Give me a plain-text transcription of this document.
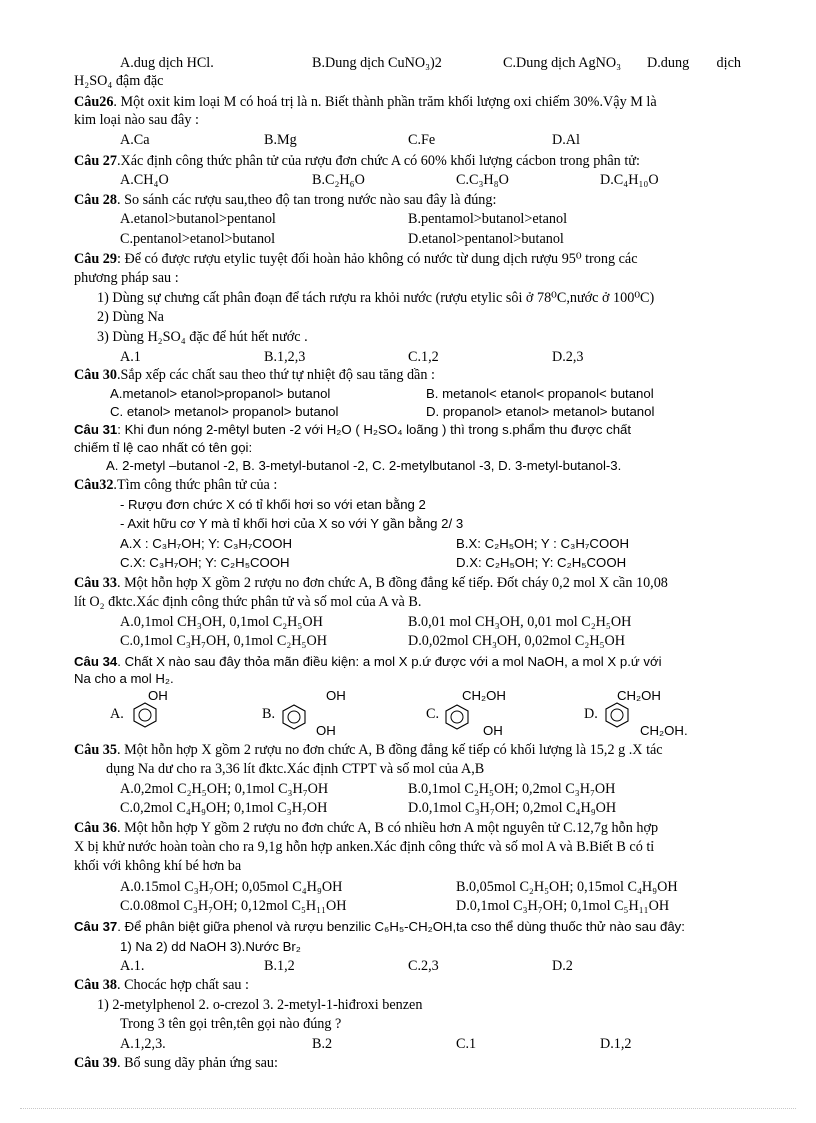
A.dug dịch HCl.	B.Dung dịch CuNO₃)2	C.Dung dịch AgNO₃ D.dung dịch
H₂SO₄ đậm đặc
Câu26. Một oxit kim loại M có hoá trị là n. Biết thành phần trăm khối lượng oxi chiếm 30%.Vậy M là
kim loại nào sau đây :
A.Ca	B.Mg	C.Fe	D.Al
Câu 27.Xác định công thức phân tử của rượu đơn chức A có 60% khối lượng cácbon trong phân tử:
A.CH₄O	B.C₂H₆O	C.C₃H₈O	D.C₄H₁₀O
Câu 28. So sánh các rượu sau,theo độ tan trong nước nào sau đây là đúng:
A.etanol>butanol>pentanol	B.pentamol>butanol>etanol
C.pentanol>etanol>butanol	D.etanol>pentanol>butanol
Câu 29: Để có được rượu etylic tuyệt đối hoàn hảo không có nước từ dung dịch rượu 95⁰ trong các
phương pháp sau :
1) Dùng sự chưng cất phân đoạn để tách rượu ra khỏi nước (rượu etylic sôi ở 78⁰C,nước ở 100⁰C)
2) Dùng Na
3) Dùng H₂SO₄ đặc để hút hết nước .
A.1	B.1,2,3	C.1,2	D.2,3
Câu 30.Sắp xếp các chất sau theo thứ tự nhiệt độ sau tăng dần :
A.metanol> etanol>propanol> butanol	B. metanol< etanol< propanol< butanol
C. etanol> metanol> propanol> butanol	D. propanol> etanol> metanol> butanol
Câu 31: Khi đun nóng 2-mêtyl buten -2 với H₂O ( H₂SO₄ loãng ) thì trong s.phẩm thu được chất
chiếm tỉ lệ cao nhất có tên gọi:
A. 2-metyl –butanol -2, B. 3-metyl-butanol -2, C. 2-metylbutanol -3, D. 3-metyl-butanol-3.
Câu32.Tìm công thức phân tử của :
- Rượu đơn chức X có tỉ khối hơi so với etan bằng 2
- Axit hữu cơ Y mà tỉ khối hơi của X so với Y gần bằng 2/ 3
A.X : C₃H₇OH; Y: C₃H₇COOH	B.X: C₂H₅OH; Y : C₃H₇COOH
C.X: C₃H₇OH; Y: C₂H₅COOH	D.X: C₂H₅OH; Y: C₂H₅COOH
Câu 33. Một hỗn hợp X gồm 2 rượu no đơn chức A, B đồng đẳng kế tiếp. Đốt cháy 0,2 mol X cần 10,08
lít O₂ đktc.Xác định công thức phân tử và số mol của A và B.
A.0,1mol CH₃OH, 0,1mol C₂H₅OH	B.0,01 mol CH₃OH, 0,01 mol C₂H₅OH
C.0,1mol C₃H₇OH, 0,1mol C₂H₅OH	D.0,02mol CH₃OH, 0,02mol C₂H₅OH
Câu 34. Chất X nào sau đây thỏa mãn điều kiện: a mol X p.ứ được với a mol NaOH, a mol X p.ứ với
Na cho a mol H₂.
A.
OH
B.
OH
OH
C.
CH₂OH
OH
D.
CH₂OH
CH₂OH.
Câu 35. Một hỗn hợp X gồm 2 rượu no đơn chức A, B đồng đẳng kế tiếp có khối lượng là 15,2 g .X tác
dụng Na dư cho ra 3,36 lít đktc.Xác định CTPT và số mol của A,B
A.0,2mol C₂H₅OH; 0,1mol C₃H₇OH	B.0,1mol C₂H₅OH; 0,2mol C₃H₇OH
C.0,2mol C₄H₉OH; 0,1mol C₃H₇OH	D.0,1mol C₃H₇OH; 0,2mol C₄H₉OH
Câu 36. Một hỗn hợp Y gồm 2 rượu no đơn chức A, B có nhiều hơn A một nguyên tử C.12,7g hỗn hợp
X bị khử nước hoàn toàn cho ra 9,1g hỗn hợp anken.Xác định công thức và số mol A và B.Biết B có tỉ
khối với không khí bé hơn ba
A.0.15mol C₃H₇OH; 0,05mol C₄H₉OH	B.0,05mol C₂H₅OH; 0,15mol C₄H₉OH
C.0.08mol C₃H₇OH; 0,12mol C₅H₁₁OH	D.0,1mol C₃H₇OH; 0,1mol C₅H₁₁OH
Câu 37. Để phân biệt giữa phenol và rượu benzilic C₆H₅-CH₂OH,ta cso thể dùng thuốc thử nào sau đây:
1) Na 2) dd NaOH 3).Nước Br₂
A.1.	B.1,2	C.2,3	D.2
Câu 38. Chocác hợp chất sau :
1) 2-metylphenol 2. o-crezol 3. 2-metyl-1-hiđroxi benzen
Trong 3 tên gọi trên,tên gọi nào đúng ?
A.1,2,3.	B.2	C.1	D.1,2
Câu 39. Bổ sung dãy phản ứng sau:
